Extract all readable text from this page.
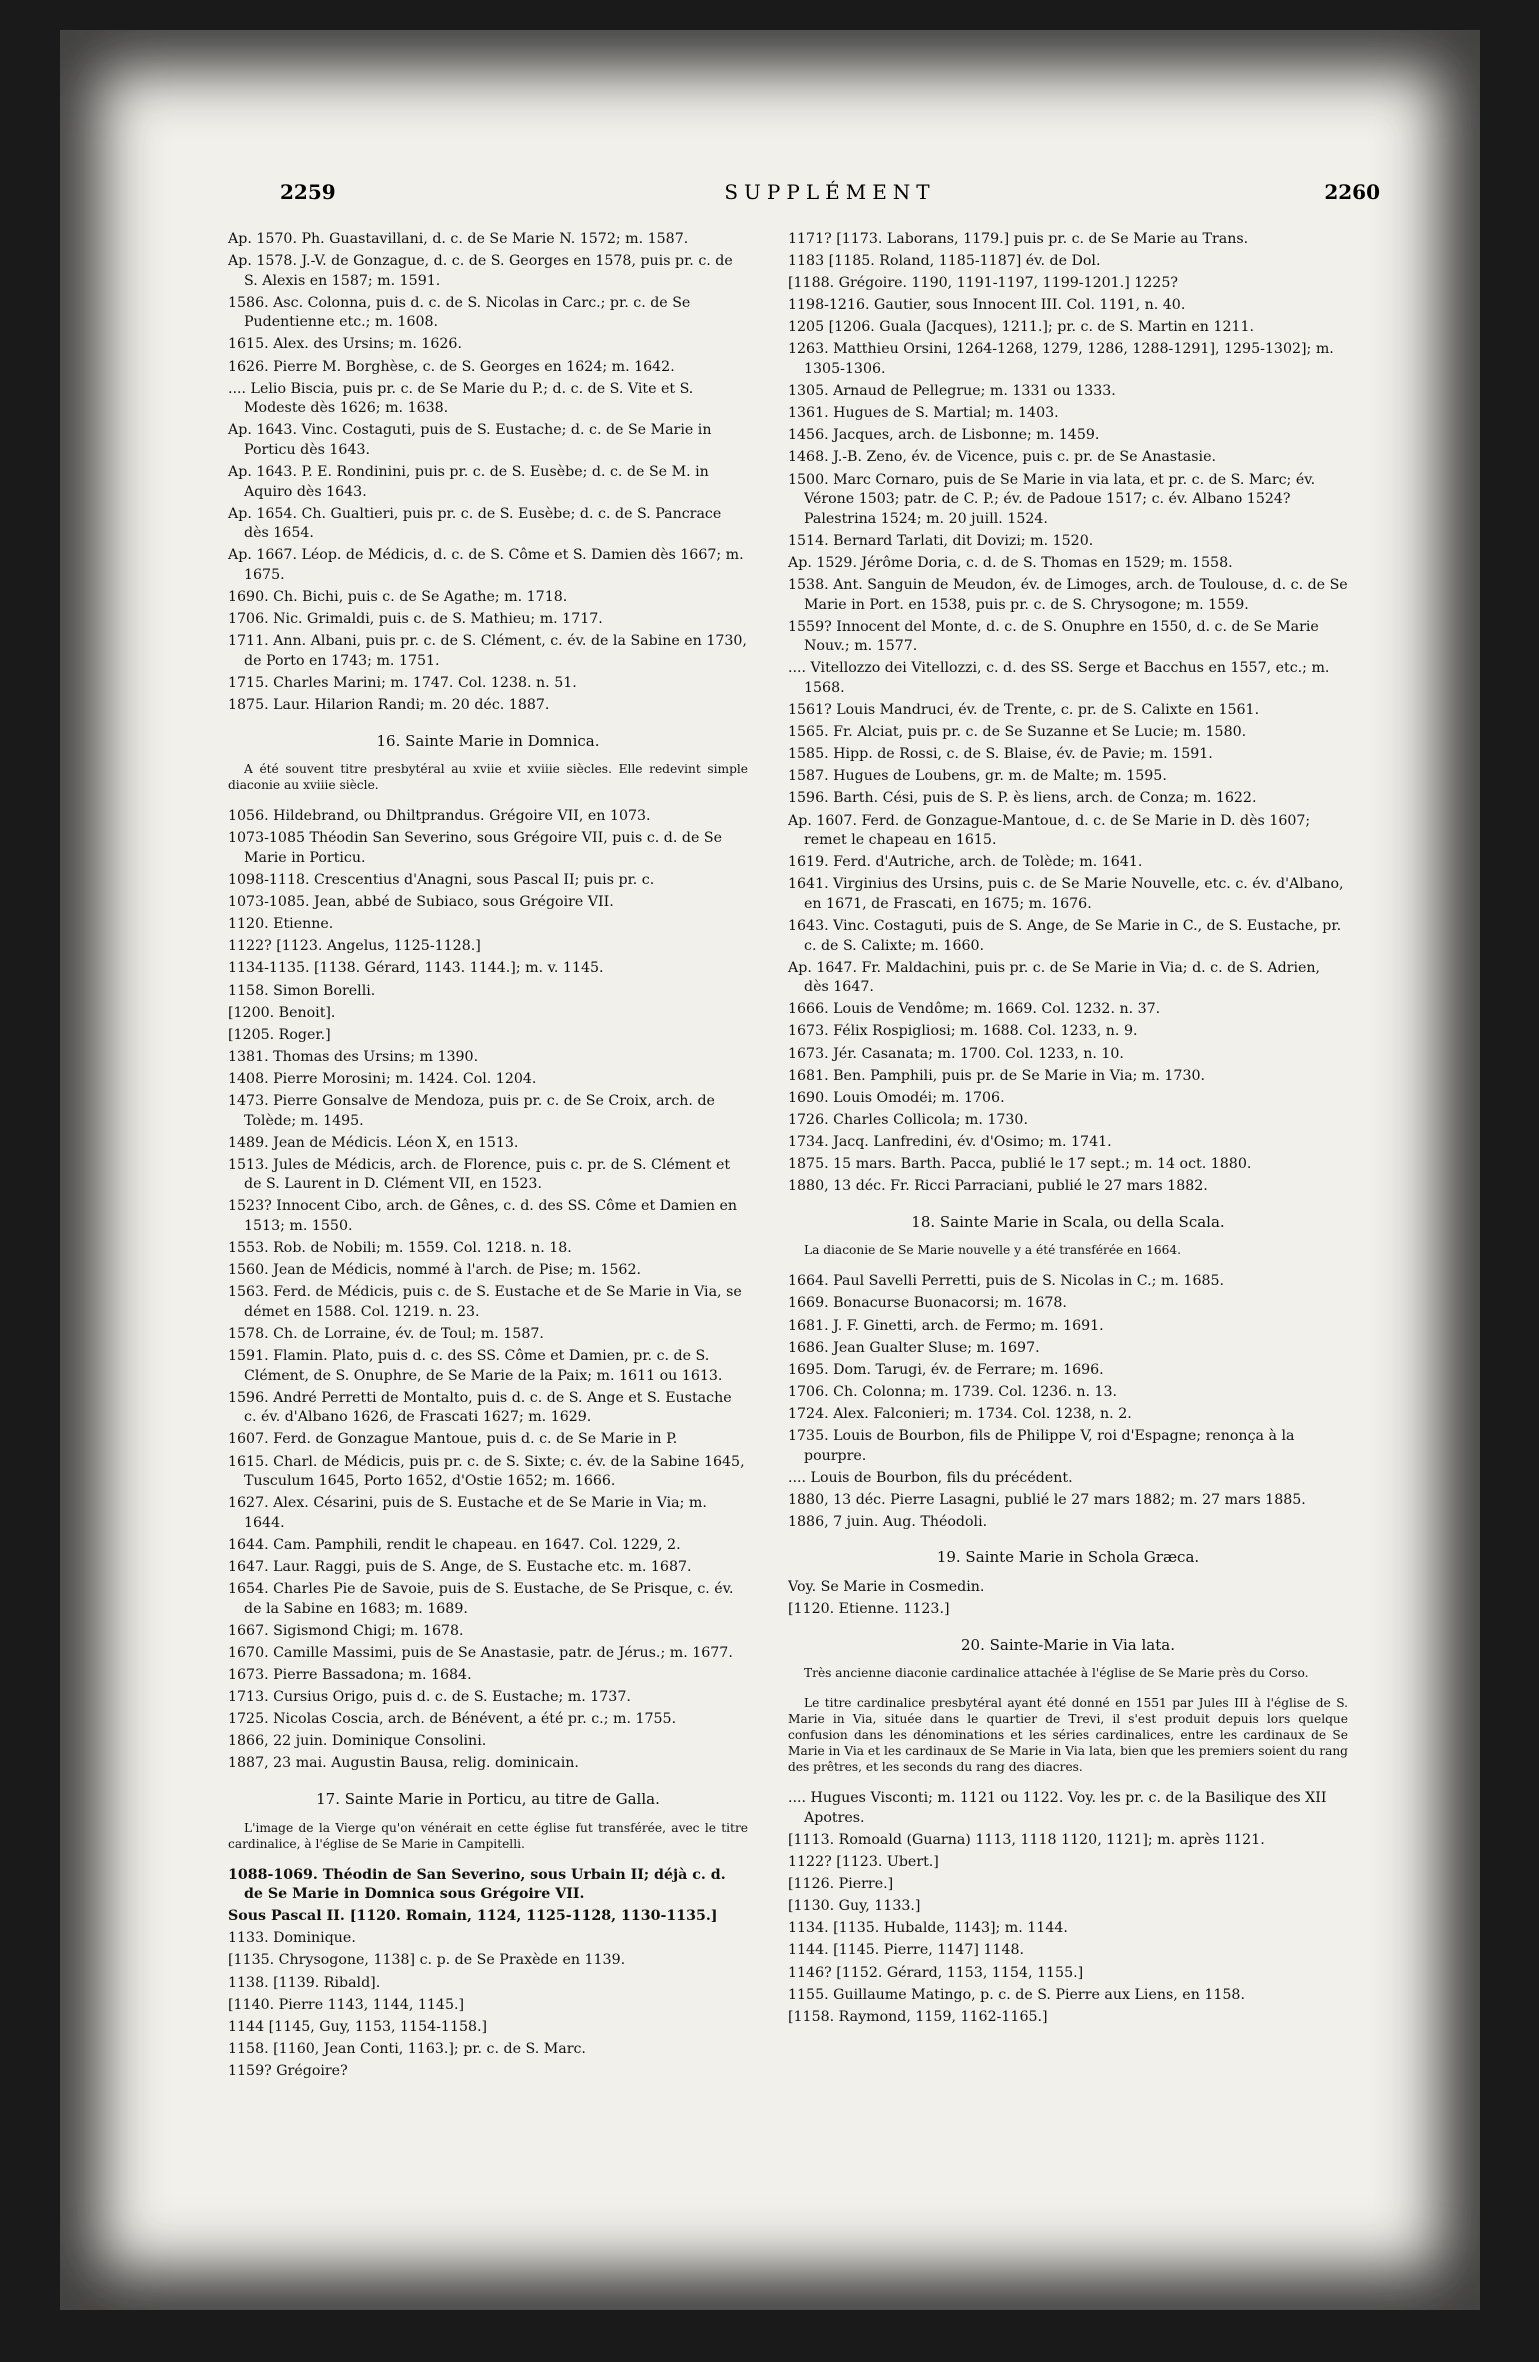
2259	SUPPLÉMENT	2260
Ap. 1570. Ph. Guastavillani, d. c. de Se Marie N. 1572; m. 1587.
Ap. 1578. J.-V. de Gonzague, d. c. de S. Georges en 1578, puis pr. c. de S. Alexis en 1587; m. 1591.
1586. Asc. Colonna, puis d. c. de S. Nicolas in Carc.; pr. c. de Se Pudentienne etc.; m. 1608.
1615. Alex. des Ursins; m. 1626.
1626. Pierre M. Borghèse, c. de S. Georges en 1624; m. 1642.
.... Lelio Biscia, puis pr. c. de Se Marie du P.; d. c. de S. Vite et S. Modeste dès 1626; m. 1638.
Ap. 1643. Vinc. Costaguti, puis de S. Eustache; d. c. de Se Marie in Porticu dès 1643.
Ap. 1643. P. E. Rondinini, puis pr. c. de S. Eusèbe; d. c. de Se M. in Aquiro dès 1643.
Ap. 1654. Ch. Gualtieri, puis pr. c. de S. Eusèbe; d. c. de S. Pancrace dès 1654.
Ap. 1667. Léop. de Médicis, d. c. de S. Côme et S. Damien dès 1667; m. 1675.
1690. Ch. Bichi, puis c. de Se Agathe; m. 1718.
1706. Nic. Grimaldi, puis c. de S. Mathieu; m. 1717.
1711. Ann. Albani, puis pr. c. de S. Clément, c. év. de la Sabine en 1730, de Porto en 1743; m. 1751.
1715. Charles Marini; m. 1747. Col. 1238. n. 51.
1875. Laur. Hilarion Randi; m. 20 déc. 1887.
16. Sainte Marie in Domnica.
A été souvent titre presbytéral au xviie et xviiie siècles. Elle redevint simple diaconie au xviiie siècle.
1056. Hildebrand, ou Dhiltprandus. Grégoire VII, en 1073.
1073-1085 Théodin San Severino, sous Grégoire VII, puis c. d. de Se Marie in Porticu.
1098-1118. Crescentius d'Anagni, sous Pascal II; puis pr. c.
1073-1085. Jean, abbé de Subiaco, sous Grégoire VII.
1120. Etienne.
1122? [1123. Angelus, 1125-1128.]
1134-1135. [1138. Gérard, 1143. 1144.]; m. v. 1145.
1158. Simon Borelli.
[1200. Benoit].
[1205. Roger.]
1381. Thomas des Ursins; m 1390.
1408. Pierre Morosini; m. 1424. Col. 1204.
1473. Pierre Gonsalve de Mendoza, puis pr. c. de Se Croix, arch. de Tolède; m. 1495.
1489. Jean de Médicis. Léon X, en 1513.
1513. Jules de Médicis, arch. de Florence, puis c. pr. de S. Clément et de S. Laurent in D. Clément VII, en 1523.
1523? Innocent Cibo, arch. de Gênes, c. d. des SS. Côme et Damien en 1513; m. 1550.
1553. Rob. de Nobili; m. 1559. Col. 1218. n. 18.
1560. Jean de Médicis, nommé à l'arch. de Pise; m. 1562.
1563. Ferd. de Médicis, puis c. de S. Eustache et de Se Marie in Via, se démet en 1588. Col. 1219. n. 23.
1578. Ch. de Lorraine, év. de Toul; m. 1587.
1591. Flamin. Plato, puis d. c. des SS. Côme et Damien, pr. c. de S. Clément, de S. Onuphre, de Se Marie de la Paix; m. 1611 ou 1613.
1596. André Perretti de Montalto, puis d. c. de S. Ange et S. Eustache c. év. d'Albano 1626, de Frascati 1627; m. 1629.
1607. Ferd. de Gonzague Mantoue, puis d. c. de Se Marie in P.
1615. Charl. de Médicis, puis pr. c. de S. Sixte; c. év. de la Sabine 1645, Tusculum 1645, Porto 1652, d'Ostie 1652; m. 1666.
1627. Alex. Césarini, puis de S. Eustache et de Se Marie in Via; m. 1644.
1644. Cam. Pamphili, rendit le chapeau. en 1647. Col. 1229, 2.
1647. Laur. Raggi, puis de S. Ange, de S. Eustache etc. m. 1687.
1654. Charles Pie de Savoie, puis de S. Eustache, de Se Prisque, c. év. de la Sabine en 1683; m. 1689.
1667. Sigismond Chigi; m. 1678.
1670. Camille Massimi, puis de Se Anastasie, patr. de Jérus.; m. 1677.
1673. Pierre Bassadona; m. 1684.
1713. Cursius Origo, puis d. c. de S. Eustache; m. 1737.
1725. Nicolas Coscia, arch. de Bénévent, a été pr. c.; m. 1755.
1866, 22 juin. Dominique Consolini.
1887, 23 mai. Augustin Bausa, relig. dominicain.
17. Sainte Marie in Porticu, au titre de Galla.
L'image de la Vierge qu'on vénérait en cette église fut transférée, avec le titre cardinalice, à l'église de Se Marie in Campitelli.
1088-1069. Théodin de San Severino, sous Urbain II; déjà c. d. de Se Marie in Domnica sous Grégoire VII.
Sous Pascal II. [1120. Romain, 1124, 1125-1128, 1130-1135.]
1133. Dominique.
[1135. Chrysogone, 1138] c. p. de Se Praxède en 1139.
1138. [1139. Ribald].
[1140. Pierre 1143, 1144, 1145.]
1144 [1145, Guy, 1153, 1154-1158.]
1158. [1160, Jean Conti, 1163.]; pr. c. de S. Marc.
1159? Grégoire?
1171? [1173. Laborans, 1179.] puis pr. c. de Se Marie au Trans.
1183 [1185. Roland, 1185-1187] év. de Dol.
[1188. Grégoire. 1190, 1191-1197, 1199-1201.] 1225?
1198-1216. Gautier, sous Innocent III. Col. 1191, n. 40.
1205 [1206. Guala (Jacques), 1211.]; pr. c. de S. Martin en 1211.
1263. Matthieu Orsini, 1264-1268, 1279, 1286, 1288-1291], 1295-1302]; m. 1305-1306.
1305. Arnaud de Pellegrue; m. 1331 ou 1333.
1361. Hugues de S. Martial; m. 1403.
1456. Jacques, arch. de Lisbonne; m. 1459.
1468. J.-B. Zeno, év. de Vicence, puis c. pr. de Se Anastasie.
1500. Marc Cornaro, puis de Se Marie in via lata, et pr. c. de S. Marc; év. Vérone 1503; patr. de C. P.; év. de Padoue 1517; c. év. Albano 1524? Palestrina 1524; m. 20 juill. 1524.
1514. Bernard Tarlati, dit Dovizi; m. 1520.
Ap. 1529. Jérôme Doria, c. d. de S. Thomas en 1529; m. 1558.
1538. Ant. Sanguin de Meudon, év. de Limoges, arch. de Toulouse, d. c. de Se Marie in Port. en 1538, puis pr. c. de S. Chrysogone; m. 1559.
1559? Innocent del Monte, d. c. de S. Onuphre en 1550, d. c. de Se Marie Nouv.; m. 1577.
.... Vitellozzo dei Vitellozzi, c. d. des SS. Serge et Bacchus en 1557, etc.; m. 1568.
1561? Louis Mandruci, év. de Trente, c. pr. de S. Calixte en 1561.
1565. Fr. Alciat, puis pr. c. de Se Suzanne et Se Lucie; m. 1580.
1585. Hipp. de Rossi, c. de S. Blaise, év. de Pavie; m. 1591.
1587. Hugues de Loubens, gr. m. de Malte; m. 1595.
1596. Barth. Cési, puis de S. P. ès liens, arch. de Conza; m. 1622.
Ap. 1607. Ferd. de Gonzague-Mantoue, d. c. de Se Marie in D. dès 1607; remet le chapeau en 1615.
1619. Ferd. d'Autriche, arch. de Tolède; m. 1641.
1641. Virginius des Ursins, puis c. de Se Marie Nouvelle, etc. c. év. d'Albano, en 1671, de Frascati, en 1675; m. 1676.
1643. Vinc. Costaguti, puis de S. Ange, de Se Marie in C., de S. Eustache, pr. c. de S. Calixte; m. 1660.
Ap. 1647. Fr. Maldachini, puis pr. c. de Se Marie in Via; d. c. de S. Adrien, dès 1647.
1666. Louis de Vendôme; m. 1669. Col. 1232. n. 37.
1673. Félix Rospigliosi; m. 1688. Col. 1233, n. 9.
1673. Jér. Casanata; m. 1700. Col. 1233, n. 10.
1681. Ben. Pamphili, puis pr. de Se Marie in Via; m. 1730.
1690. Louis Omodéi; m. 1706.
1726. Charles Collicola; m. 1730.
1734. Jacq. Lanfredini, év. d'Osimo; m. 1741.
1875. 15 mars. Barth. Pacca, publié le 17 sept.; m. 14 oct. 1880.
1880, 13 déc. Fr. Ricci Parraciani, publié le 27 mars 1882.
18. Sainte Marie in Scala, ou della Scala.
La diaconie de Se Marie nouvelle y a été transférée en 1664.
1664. Paul Savelli Perretti, puis de S. Nicolas in C.; m. 1685.
1669. Bonacurse Buonacorsi; m. 1678.
1681. J. F. Ginetti, arch. de Fermo; m. 1691.
1686. Jean Gualter Sluse; m. 1697.
1695. Dom. Tarugi, év. de Ferrare; m. 1696.
1706. Ch. Colonna; m. 1739. Col. 1236. n. 13.
1724. Alex. Falconieri; m. 1734. Col. 1238, n. 2.
1735. Louis de Bourbon, fils de Philippe V, roi d'Espagne; renonça à la pourpre.
.... Louis de Bourbon, fils du précédent.
1880, 13 déc. Pierre Lasagni, publié le 27 mars 1882; m. 27 mars 1885.
1886, 7 juin. Aug. Théodoli.
19. Sainte Marie in Schola Græca.
Voy. Se Marie in Cosmedin.
[1120. Etienne. 1123.]
20. Sainte-Marie in Via lata.
Très ancienne diaconie cardinalice attachée à l'église de Se Marie près du Corso.
Le titre cardinalice presbytéral ayant été donné en 1551 par Jules III à l'église de S. Marie in Via, située dans le quartier de Trevi, il s'est produit depuis lors quelque confusion dans les dénominations et les séries cardinalices, entre les cardinaux de Se Marie in Via et les cardinaux de Se Marie in Via lata, bien que les premiers soient du rang des prêtres, et les seconds du rang des diacres.
.... Hugues Visconti; m. 1121 ou 1122. Voy. les pr. c. de la Basilique des XII Apotres.
[1113. Romoald (Guarna) 1113, 1118 1120, 1121]; m. après 1121.
1122? [1123. Ubert.]
[1126. Pierre.]
[1130. Guy, 1133.]
1134. [1135. Hubalde, 1143]; m. 1144.
1144. [1145. Pierre, 1147] 1148.
1146? [1152. Gérard, 1153, 1154, 1155.]
1155. Guillaume Matingo, p. c. de S. Pierre aux Liens, en 1158.
[1158. Raymond, 1159, 1162-1165.]
